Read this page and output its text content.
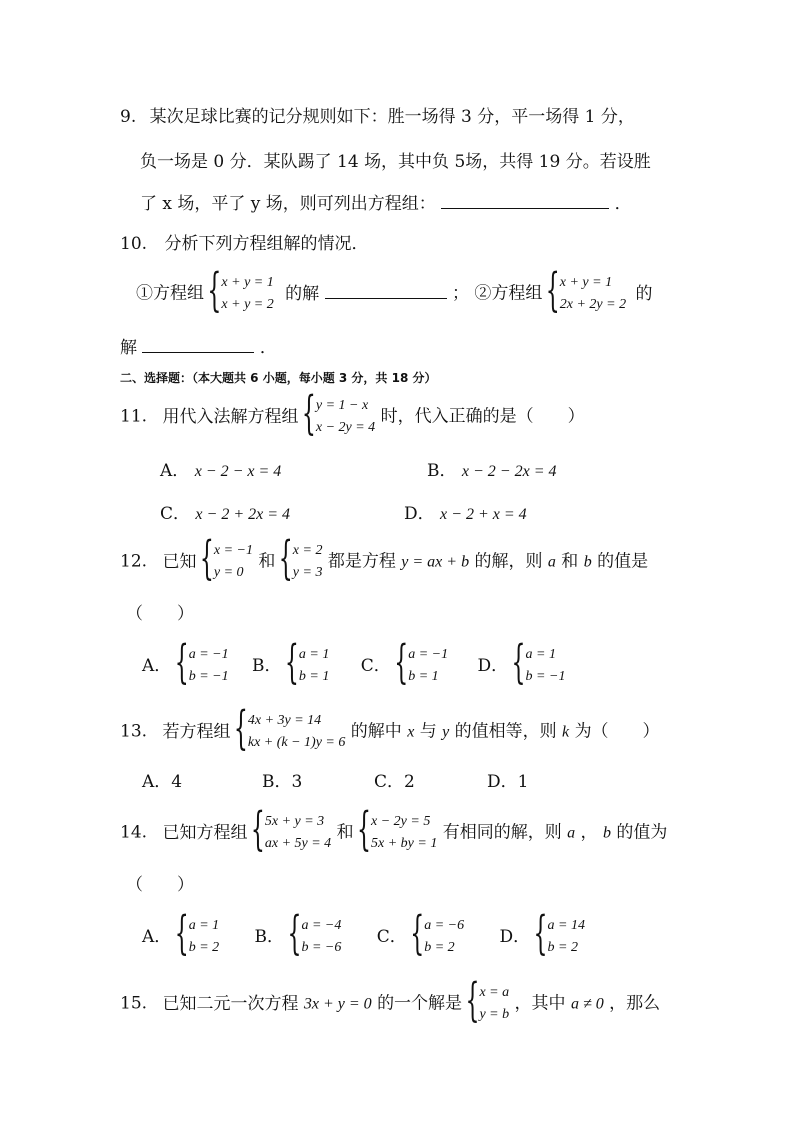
9. 某次足球比赛的记分规则如下：胜一场得 3 分，平一场得 1 分，
负一场是 0 分．某队踢了 14 场，其中负 5场，共得 19 分。若设胜
了 x 场，平了 y 场，则可列出方程组：	．
10. 分析下列方程组解的情况．
①方程组
{ x + y = 1
x + y = 2
的解	； ②方程组
{ x + y = 1
2x + 2y = 2
的
解	．
二、选择题：（本大题共 6 小题，每小题 3 分，共 18 分）
11. 用代入法解方程组
{ y = 1 − x
x − 2y = 4
时，代入正确的是（　　）
A． x − 2 − x = 4	B． x − 2 − 2x = 4
C． x − 2 + 2x = 4	D． x − 2 + x = 4
12. 已知
{ x = −1
y = 0
和
{ x = 2
y = 3
都是方程 y = ax + b 的解，则 a 和 b 的值是
（　　）
A．
{ a = −1
b = −1
B．
{ a = 1
b = 1
C．
{ a = −1
b = 1
D．
{ a = 1
b = −1
13. 若方程组
{ 4x + 3y = 14
kx + (k − 1)y = 6
的解中 x 与 y 的值相等，则 k 为（　　）
A．4	B．3	C．2	D．1
14. 已知方程组
{ 5x + y = 3
ax + 5y = 4
和
{ x − 2y = 5
5x + by = 1
有相同的解，则 a ， b 的值为
（　　）
A．
{ a = 1
b = 2
B．
{ a = −4
b = −6
C．
{ a = −6
b = 2
D．
{ a = 14
b = 2
15. 已知二元一次方程 3x + y = 0 的一个解是
{ x = a
y = b
，其中 a ≠ 0 ，那么
